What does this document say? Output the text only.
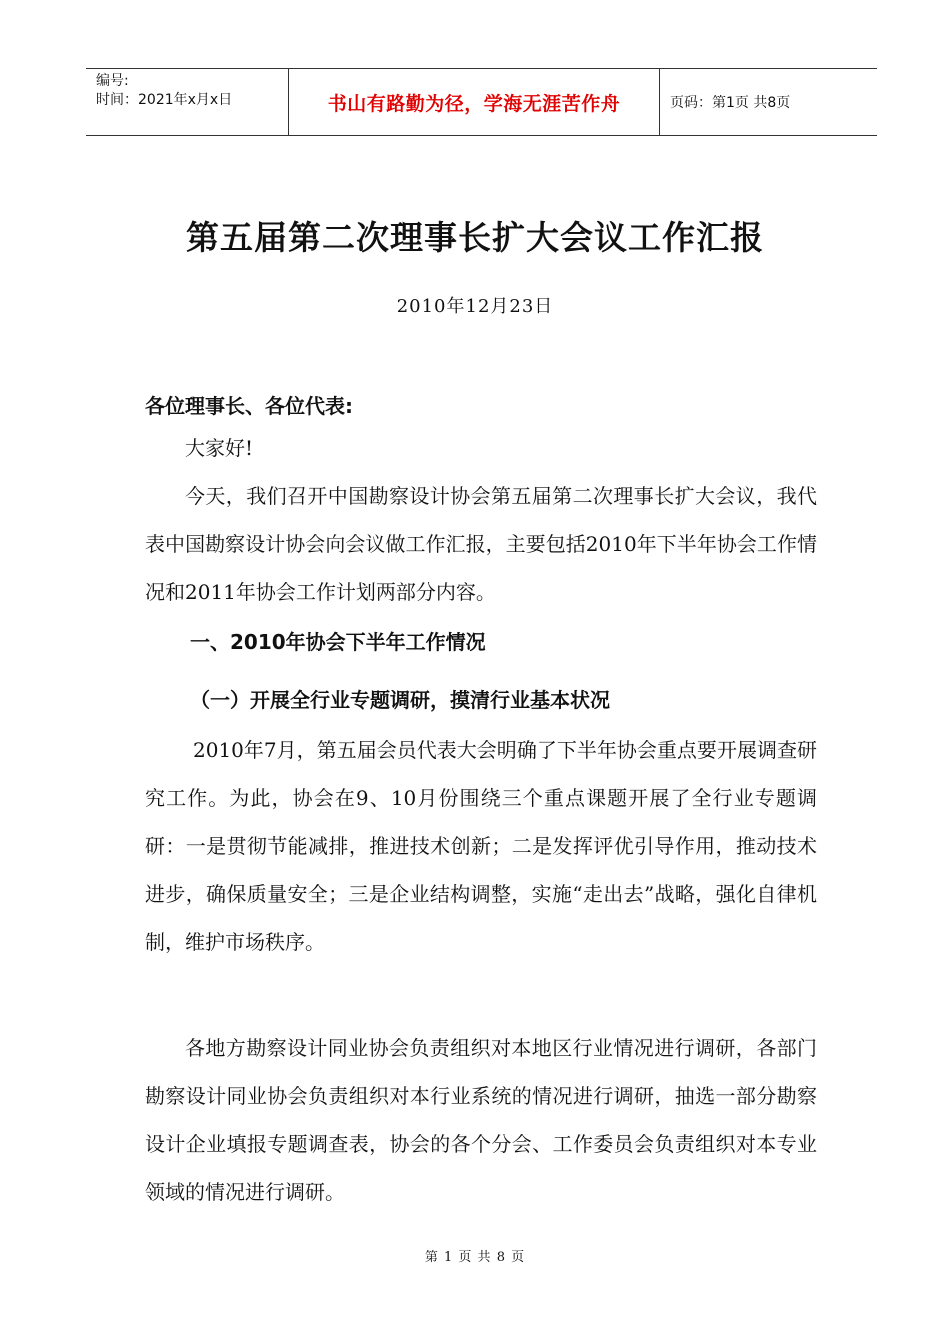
编号:
时间：2021年x月x日	书山有路勤为径，学海无涯苦作舟	页码：第1页 共8页
第五届第二次理事长扩大会议工作汇报
2010年12月23日
各位理事长、各位代表:

大家好!

今天，我们召开中国勘察设计协会第五届第二次理事长扩大会议，我代表中国勘察设计协会向会议做工作汇报，主要包括2010年下半年协会工作情况和2011年协会工作计划两部分内容。

一、2010年协会下半年工作情况
（一）开展全行业专题调研，摸清行业基本状况

2010年7月，第五届会员代表大会明确了下半年协会重点要开展调查研究工作。为此，协会在9、10月份围绕三个重点课题开展了全行业专题调研：一是贯彻节能减排，推进技术创新；二是发挥评优引导作用，推动技术进步，确保质量安全；三是企业结构调整，实施“走出去”战略，强化自律机制，维护市场秩序。

各地方勘察设计同业协会负责组织对本地区行业情况进行调研，各部门勘察设计同业协会负责组织对本行业系统的情况进行调研，抽选一部分勘察设计企业填报专题调查表，协会的各个分会、工作委员会负责组织对本专业领域的情况进行调研。

第 1 页 共 8 页
